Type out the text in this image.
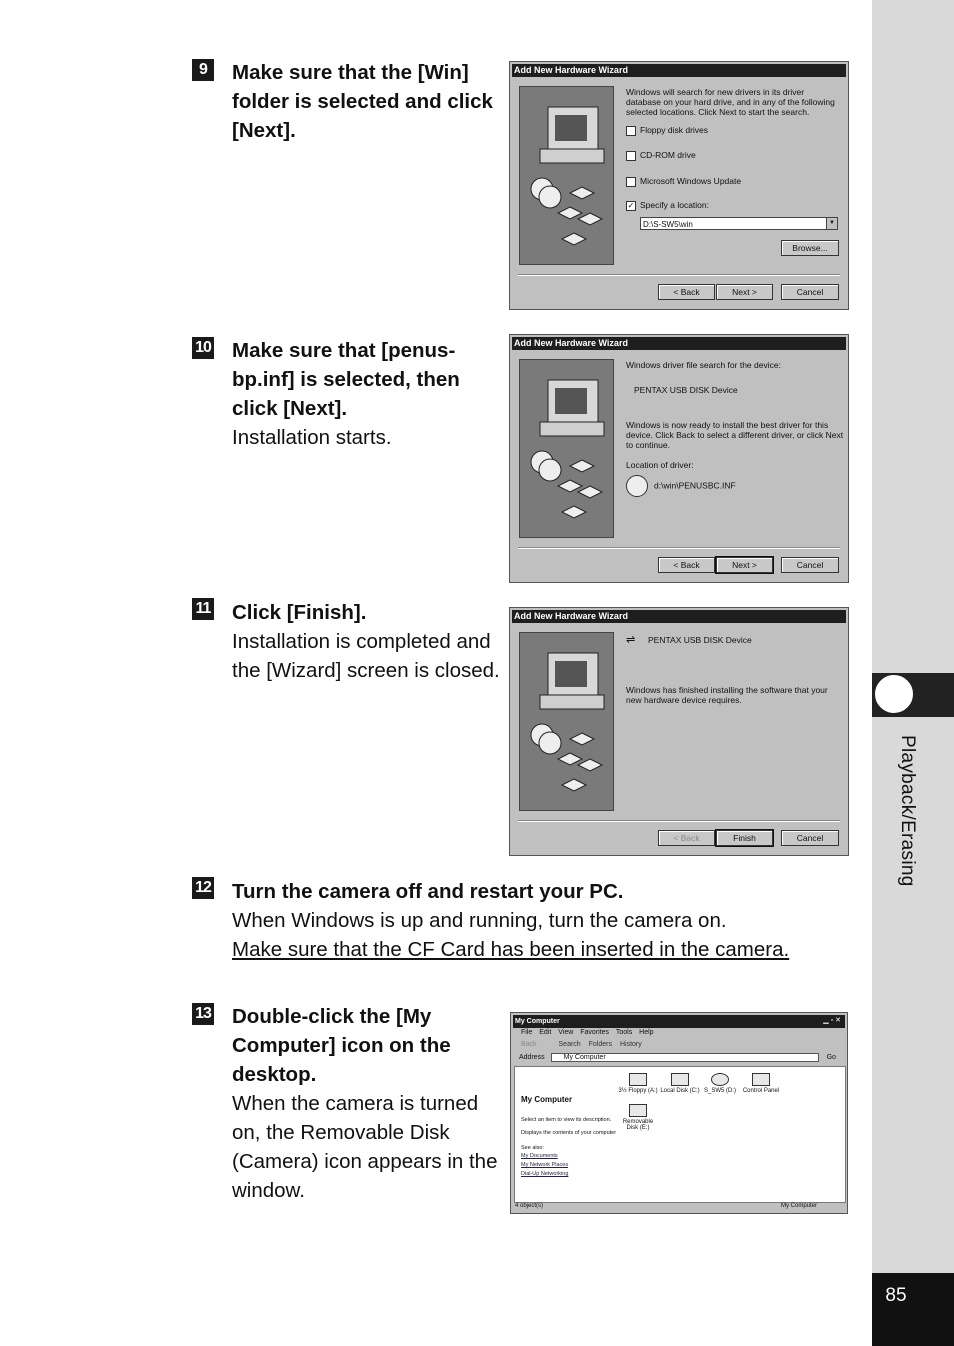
Playback/Erasing
85
9	Make sure that the [Win] folder is selected and click [Next].
Add New Hardware Wizard
Windows will search for new drivers in its driver database on your hard drive, and in any of the following selected locations. Click Next to start the search.
Floppy disk drives
CD-ROM drive
Microsoft Windows Update
✓ Specify a location:
D:\S-SW5\win	▼
Browse...
< Back	Next >	Cancel
10 Make sure that [penus-bp.inf] is selected, then click [Next].
Installation starts.
Add New Hardware Wizard
Windows driver file search for the device:
PENTAX USB DISK Device
Windows is now ready to install the best driver for this device. Click Back to select a different driver, or click Next to continue.
Location of driver:
d:\win\PENUSBC.INF
< Back	Next >	Cancel
11 Click [Finish].
Installation is completed and the [Wizard] screen is closed.
Add New Hardware Wizard
⇌ PENTAX USB DISK Device
Windows has finished installing the software that your new hardware device requires.
< Back	Finish	Cancel
12 Turn the camera off and restart your PC.
When Windows is up and running, turn the camera on.
Make sure that the CF Card has been inserted in the camera.
13 Double-click the [My Computer] icon on the desktop.
When the camera is turned on, the Removable Disk (Camera) icon appears in the window.
My Computer	▁▫✕
File Edit View Favorites Tools Help
Back	Search Folders History
Address	My Computer	Go
My Computer
Select an item to view its description.
Displays the contents of your computer
See also:
My Documents
My Network Places
Dial-Up Networking
3½ Floppy (A:) Local Disk (C:) S_SW5 (D:)	Control Panel
Removable Disk (E:)
4 object(s)	My Computer
